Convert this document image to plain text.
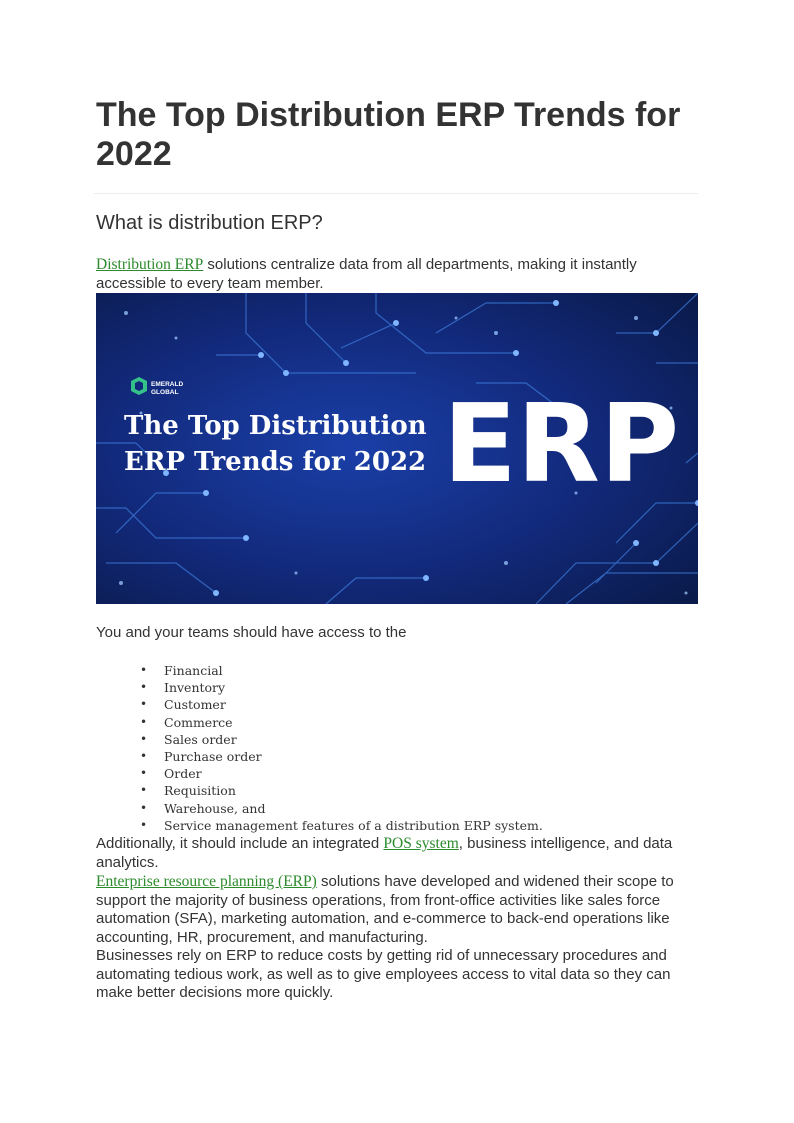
The Top Distribution ERP Trends for 2022
What is distribution ERP?

Distribution ERP solutions centralize data from all departments, making it instantly accessible to every team member.

EMERALD
GLOBAL
The Top Distribution
ERP Trends for 2022 ERP

You and your teams should have access to the

• Financial
• Inventory
• Customer
• Commerce
• Sales order
• Purchase order
• Order
• Requisition
• Warehouse, and
• Service management features of a distribution ERP system.

Additionally, it should include an integrated POS system, business intelligence, and data analytics.

Enterprise resource planning (ERP) solutions have developed and widened their scope to support the majority of business operations, from front-office activities like sales force automation (SFA), marketing automation, and e-commerce to back-end operations like accounting, HR, procurement, and manufacturing.

Businesses rely on ERP to reduce costs by getting rid of unnecessary procedures and automating tedious work, as well as to give employees access to vital data so they can make better decisions more quickly.
